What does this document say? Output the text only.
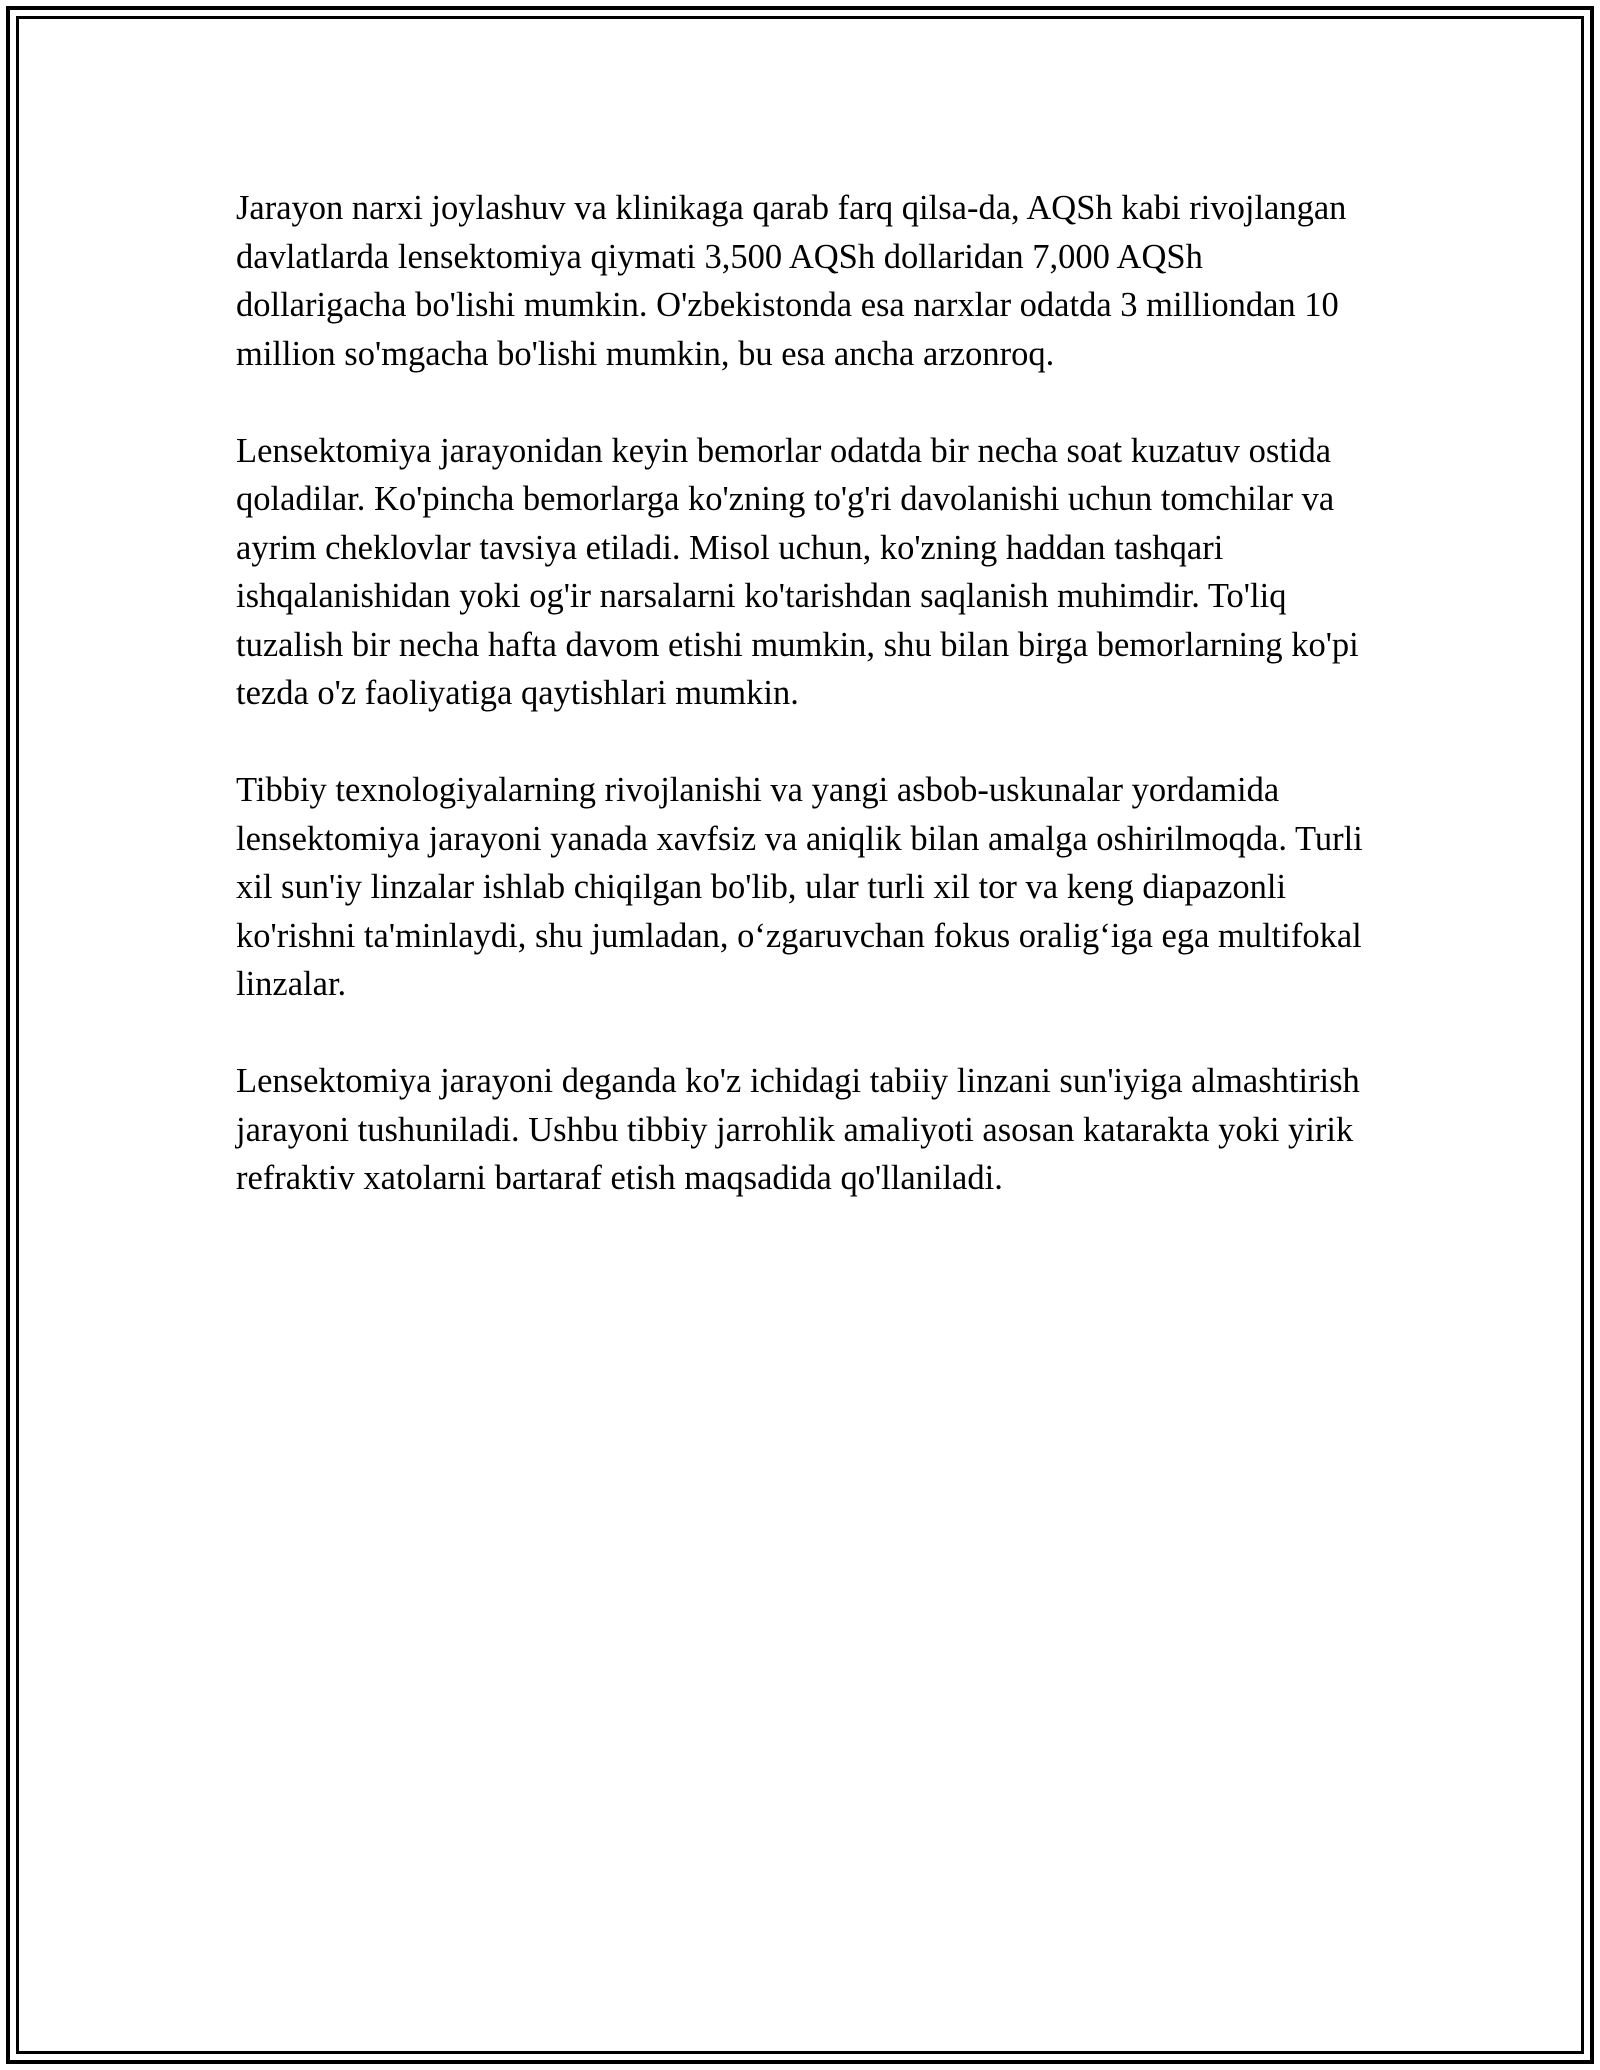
Jarayon narxi joylashuv va klinikaga qarab farq qilsa-da, AQSh kabi rivojlangan davlatlarda lensektomiya qiymati 3,500 AQSh dollaridan 7,000 AQSh dollarigacha bo'lishi mumkin. O'zbekistonda esa narxlar odatda 3 milliondan 10 million so'mgacha bo'lishi mumkin, bu esa ancha arzonroq.

Lensektomiya jarayonidan keyin bemorlar odatda bir necha soat kuzatuv ostida qoladilar. Ko'pincha bemorlarga ko'zning to'g'ri davolanishi uchun tomchilar va ayrim cheklovlar tavsiya etiladi. Misol uchun, ko'zning haddan tashqari ishqalanishidan yoki og'ir narsalarni ko'tarishdan saqlanish muhimdir. To'liq tuzalish bir necha hafta davom etishi mumkin, shu bilan birga bemorlarning ko'pi tezda o'z faoliyatiga qaytishlari mumkin.

Tibbiy texnologiyalarning rivojlanishi va yangi asbob-uskunalar yordamida lensektomiya jarayoni yanada xavfsiz va aniqlik bilan amalga oshirilmoqda. Turli xil sun'iy linzalar ishlab chiqilgan bo'lib, ular turli xil tor va keng diapazonli ko'rishni ta'minlaydi, shu jumladan, o‘zgaruvchan fokus oralig‘iga ega multifokal linzalar.

Lensektomiya jarayoni deganda ko'z ichidagi tabiiy linzani sun'iyiga almashtirish jarayoni tushuniladi. Ushbu tibbiy jarrohlik amaliyoti asosan katarakta yoki yirik refraktiv xatolarni bartaraf etish maqsadida qo'llaniladi.
